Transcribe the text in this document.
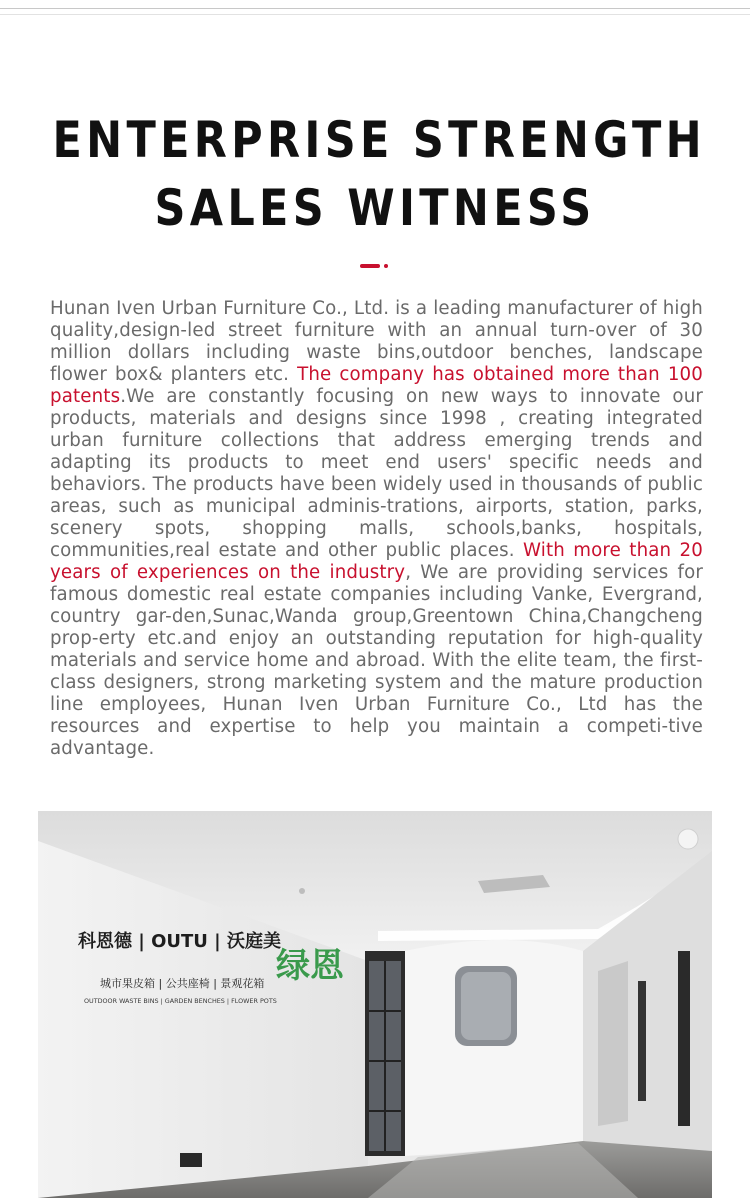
ENTERPRISE STRENGTH
SALES WITNESS

Hunan Iven Urban Furniture Co., Ltd. is a leading manufacturer of high quality,design-led street furniture with an annual turn-over of 30 million dollars including waste bins,outdoor benches, landscape flower box& planters etc. The company has obtained more than 100 patents.We are constantly focusing on new ways to innovate our products, materials and designs since 1998 , creating integrated urban furniture collections that address emerging trends and adapting its products to meet end users' specific needs and behaviors. The products have been widely used in thousands of public areas, such as municipal adminis-trations, airports, station, parks, scenery spots, shopping malls, schools,banks, hospitals, communities,real estate and other public places. With more than 20 years of experiences on the industry, We are providing services for famous domestic real estate companies including Vanke, Evergrand, country gar-den,Sunac,Wanda group,Greentown China,Changcheng prop-erty etc.and enjoy an outstanding reputation for high-quality materials and service home and abroad. With the elite team, the first-class designers, strong marketing system and the mature production line employees, Hunan Iven Urban Furniture Co., Ltd has the resources and expertise to help you maintain a competi-tive advantage.

科恩德 | OUTU | 沃庭美
绿恩
城市果皮箱 | 公共座椅 | 景观花箱
OUTDOOR WASTE BINS | GARDEN BENCHES | FLOWER POTS
